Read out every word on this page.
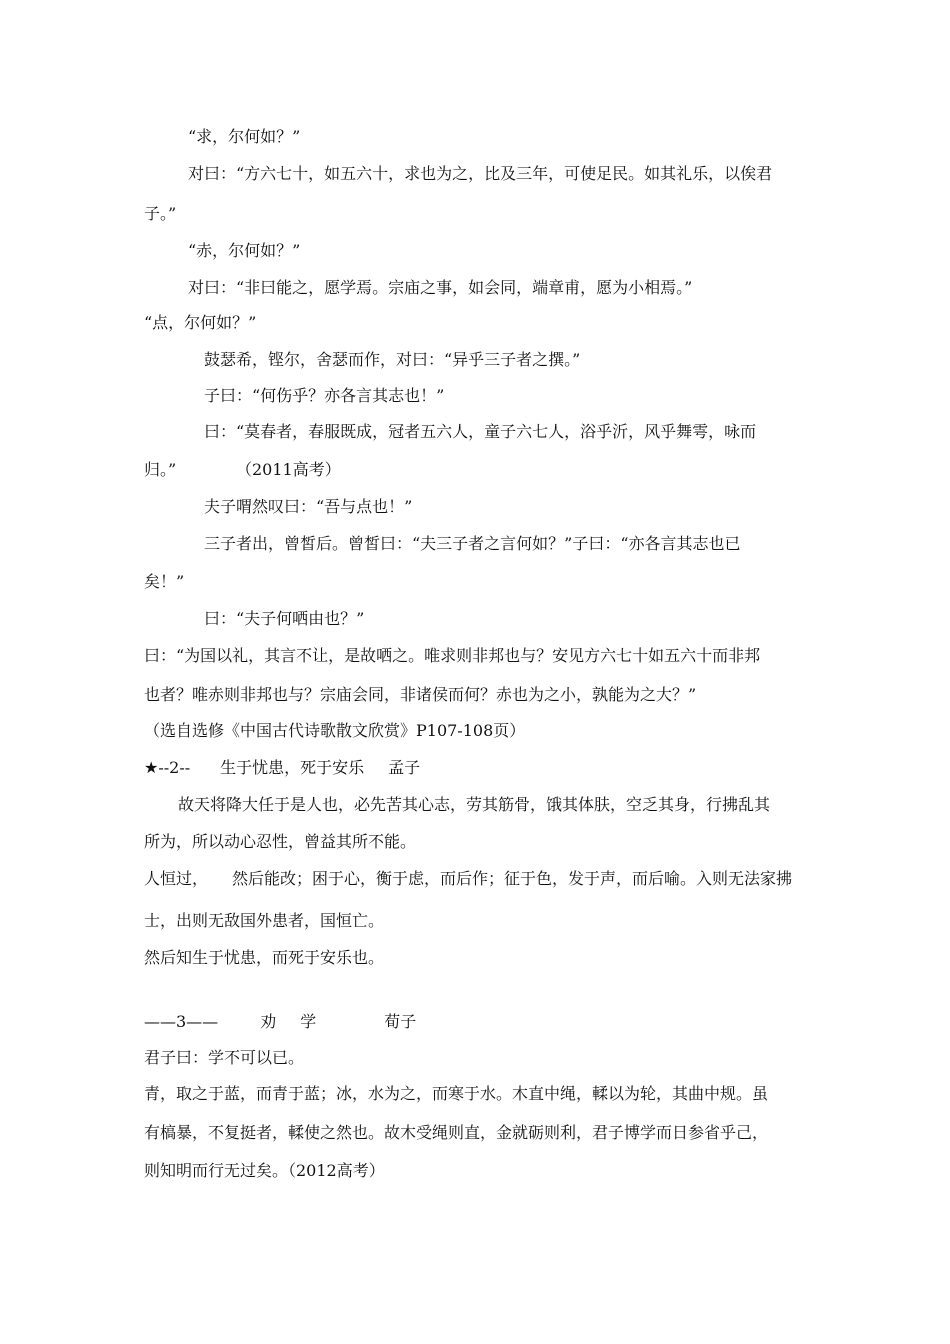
“求，尔何如？”
对曰：“方六七十，如五六十，求也为之，比及三年，可使足民。如其礼乐，以俟君
子。”
“赤，尔何如？”
对曰：“非曰能之，愿学焉。宗庙之事，如会同，端章甫，愿为小相焉。”
“点，尔何如？”
鼓瑟希，铿尔，舍瑟而作，对曰：“异乎三子者之撰。”
子曰：“何伤乎？亦各言其志也！”
曰：“莫春者，春服既成，冠者五六人，童子六七人，浴乎沂，风乎舞雩，咏而
归。”	（2011高考）
夫子喟然叹曰：“吾与点也！”
三子者出，曾皙后。曾皙曰：“夫三子者之言何如？”子曰：“亦各言其志也已
矣！”
曰：“夫子何哂由也？”
曰：“为国以礼，其言不让，是故哂之。唯求则非邦也与？安见方六七十如五六十而非邦
也者？唯赤则非邦也与？宗庙会同，非诸侯而何？赤也为之小，孰能为之大？”
（选自选修《中国古代诗歌散文欣赏》P107-108页）
★--2-- 生于忧患，死于安乐 孟子
故天将降大任于是人也，必先苦其心志，劳其筋骨，饿其体肤，空乏其身，行拂乱其
所为，所以动心忍性，曾益其所不能。
人恒过， 然后能改；困于心，衡于虑，而后作；征于色，发于声，而后喻。入则无法家拂
士，出则无敌国外患者，国恒亡。
然后知生于忧患，而死于安乐也。
——3——	劝 学	荀子
君子曰：学不可以已。
青，取之于蓝，而青于蓝；冰，水为之，而寒于水。木直中绳，輮以为轮，其曲中规。虽
有槁暴，不复挺者，輮使之然也。故木受绳则直，金就砺则利，君子博学而日参省乎己，
则知明而行无过矣。（2012高考）
